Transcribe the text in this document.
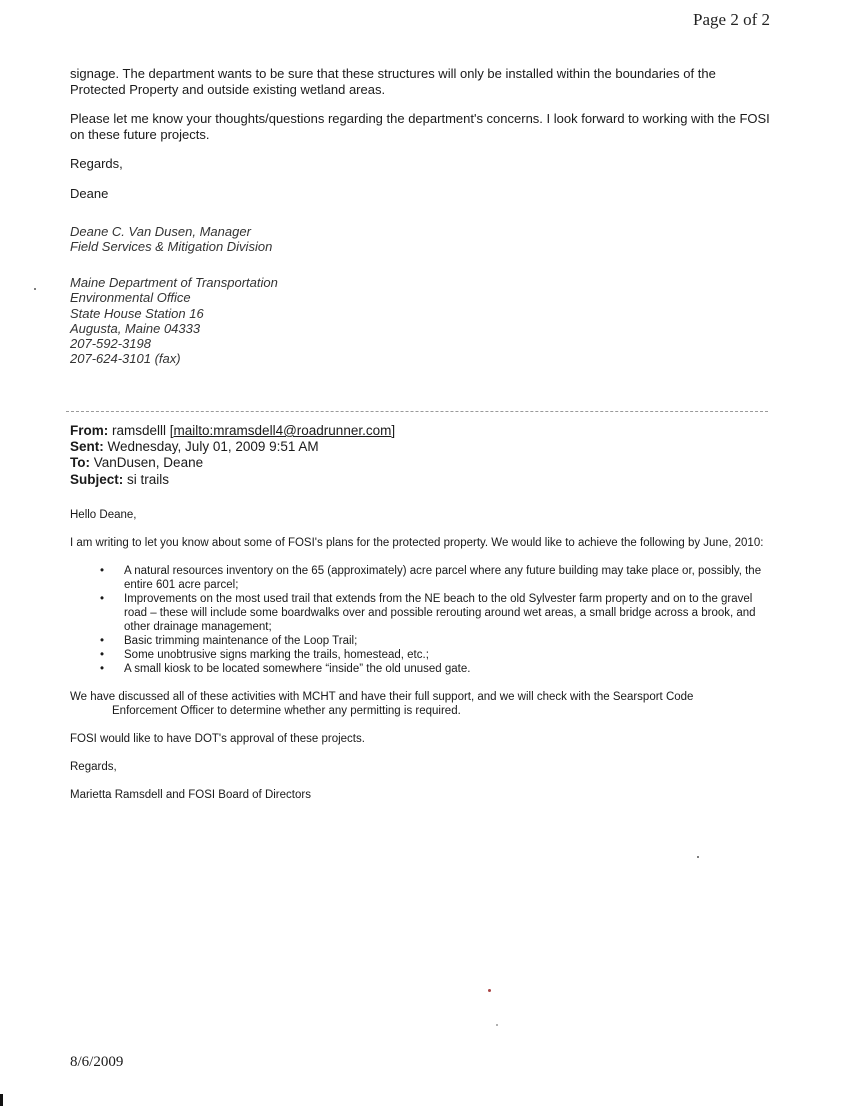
Page 2 of 2

signage. The department wants to be sure that these structures will only be installed within the boundaries of the Protected Property and outside existing wetland areas.

Please let me know your thoughts/questions regarding the department's concerns. I look forward to working with the FOSI on these future projects.

Regards,

Deane

Deane C. Van Dusen, Manager
Field Services & Mitigation Division
Maine Department of Transportation
Environmental Office
State House Station 16
Augusta, Maine 04333
207-592-3198
207-624-3101 (fax)
From: ramsdelll [mailto:mramsdell4@roadrunner.com]
Sent: Wednesday, July 01, 2009 9:51 AM
To: VanDusen, Deane
Subject: si trails

Hello Deane,

I am writing to let you know about some of FOSI's plans for the protected property. We would like to achieve the following by June, 2010:

• A natural resources inventory on the 65 (approximately) acre parcel where any future building may take place or, possibly, the entire 601 acre parcel;
• Improvements on the most used trail that extends from the NE beach to the old Sylvester farm property and on to the gravel road – these will include some boardwalks over and possible rerouting around wet areas, a small bridge across a brook, and other drainage management;
• Basic trimming maintenance of the Loop Trail;
• Some unobtrusive signs marking the trails, homestead, etc.;
• A small kiosk to be located somewhere “inside” the old unused gate.

We have discussed all of these activities with MCHT and have their full support, and we will check with the Searsport Code
Enforcement Officer to determine whether any permitting is required.

FOSI would like to have DOT's approval of these projects.

Regards,

Marietta Ramsdell and FOSI Board of Directors

8/6/2009
